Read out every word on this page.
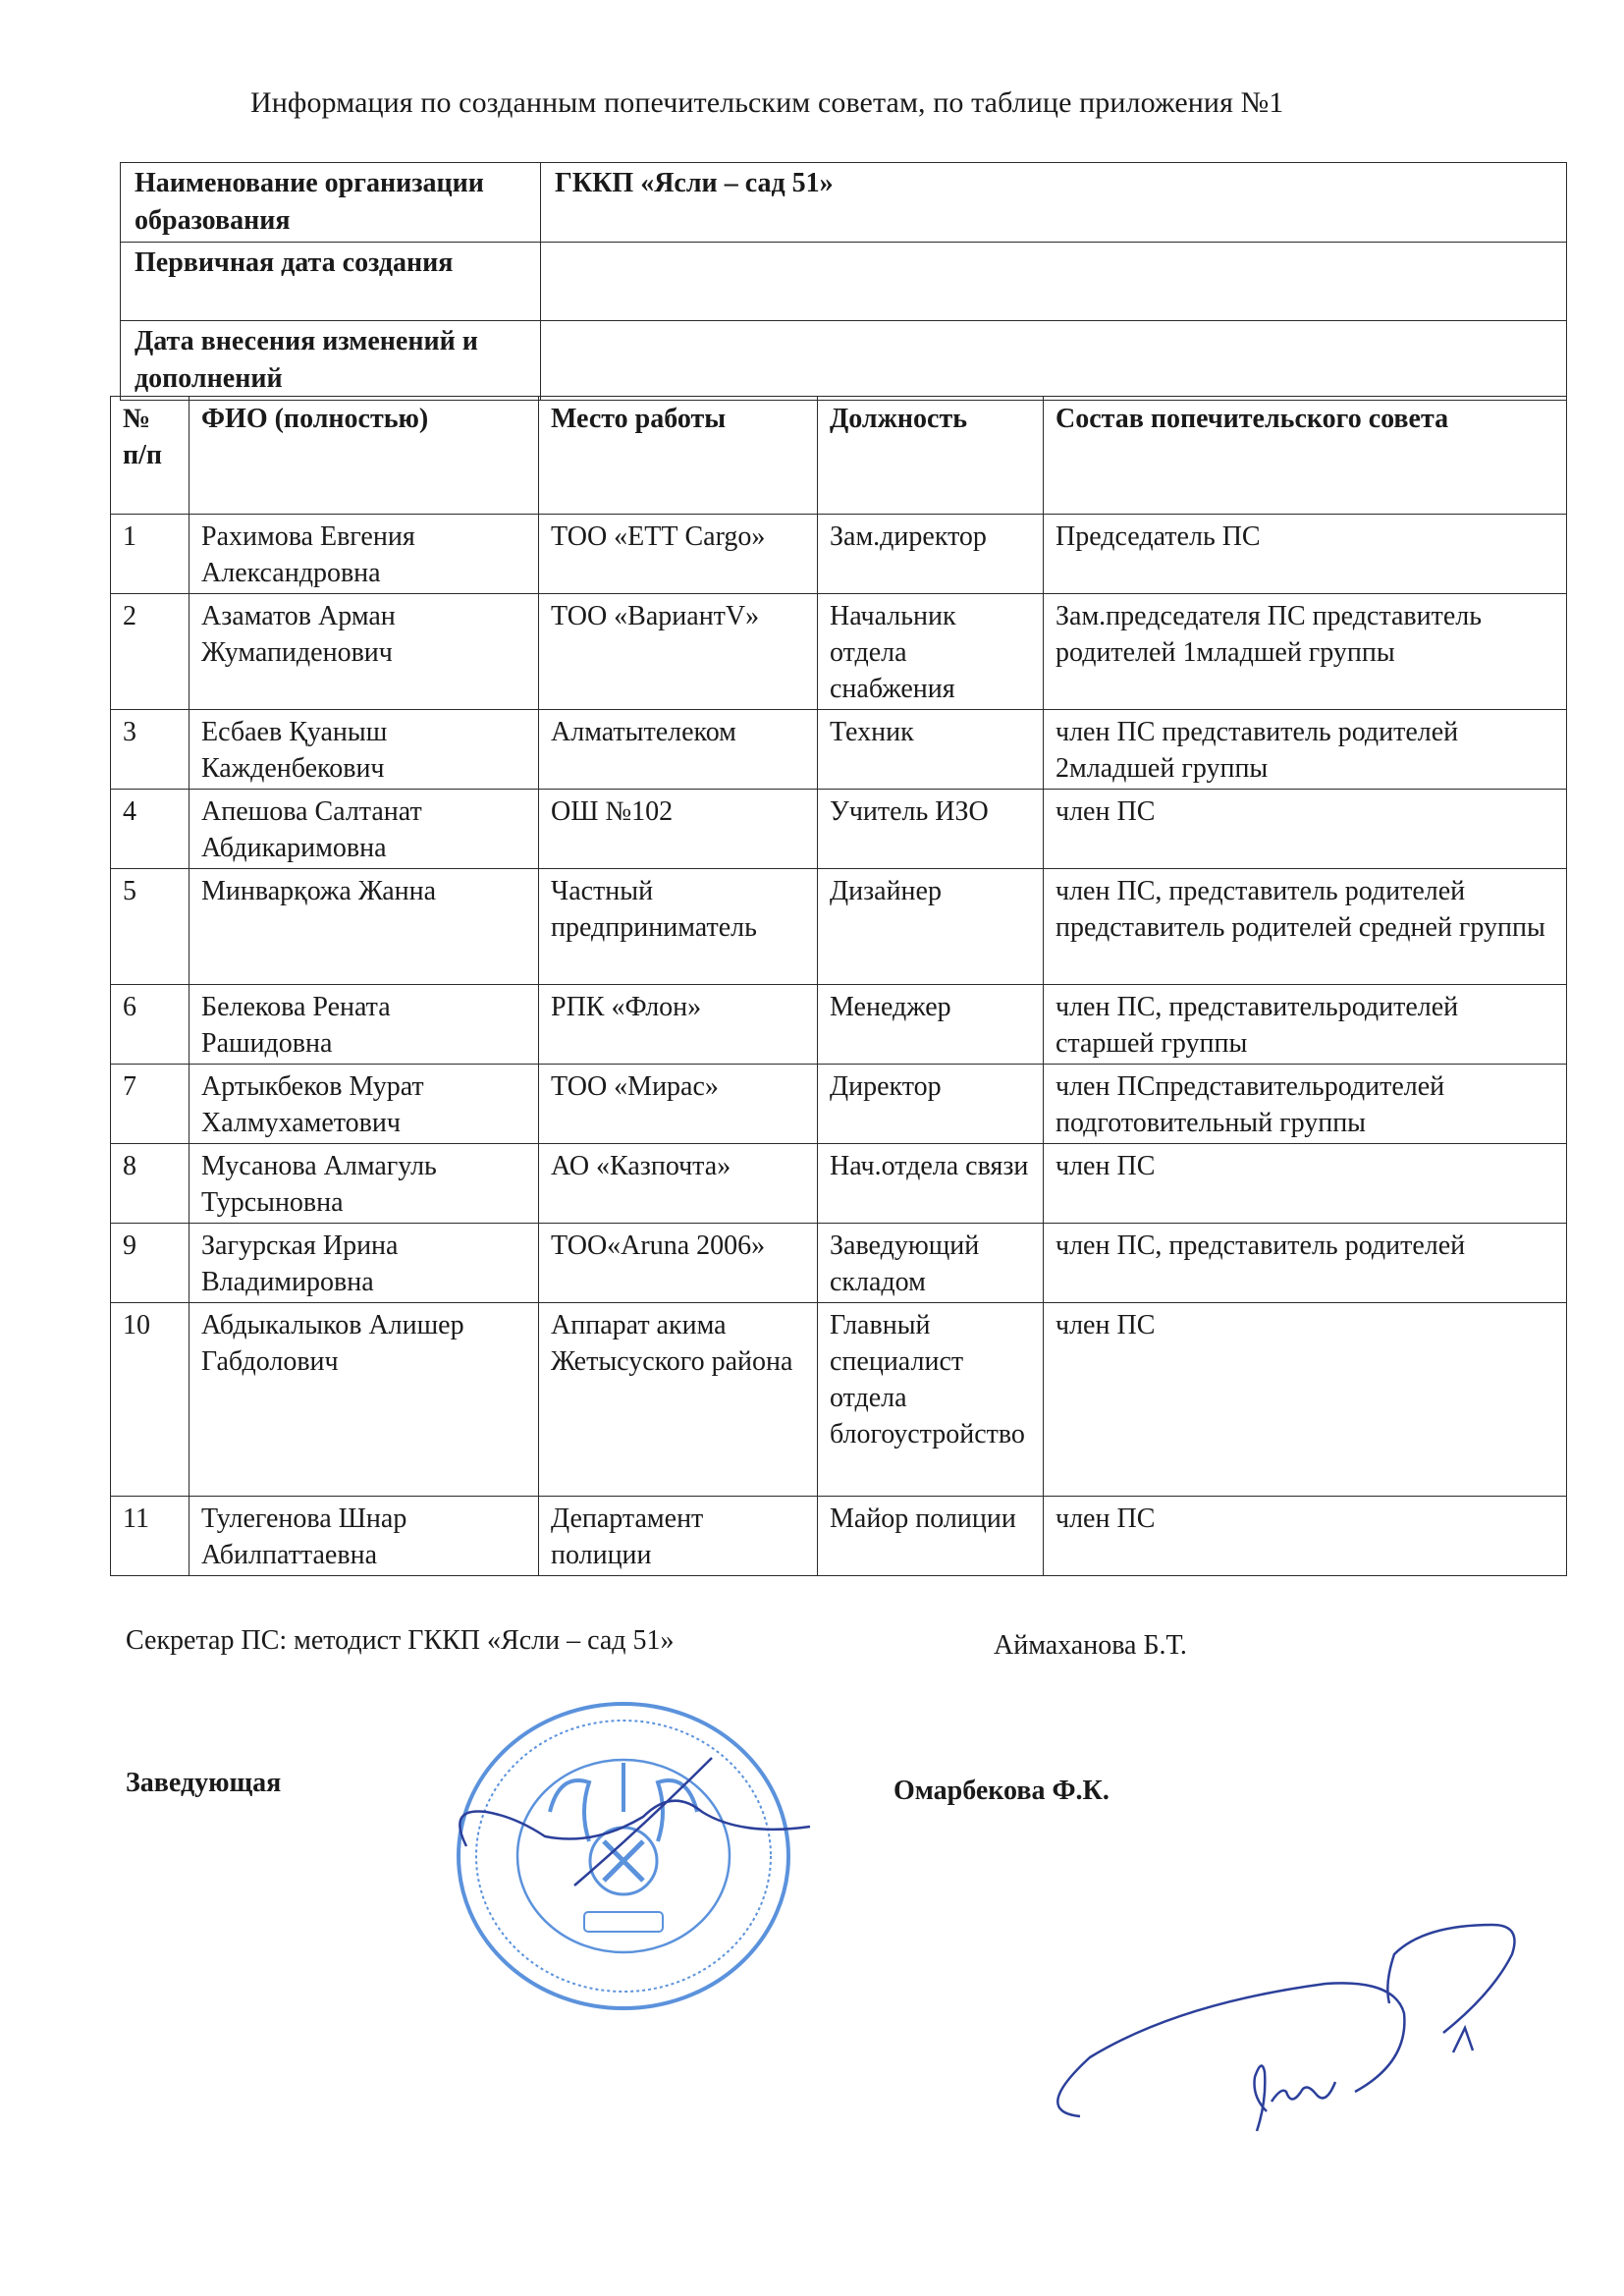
Информация по созданным попечительским советам, по таблице приложения №1
Наименование организации образования	ГККП «Ясли – сад 51»
Первичная дата создания	
Дата внесения изменений и дополнений	
№ п/п	ФИО (полностью)	Место работы	Должность	Состав попечительского совета
1	Рахимова Евгения Александровна	ТОО «ЕТТ Cargo»	Зам.директор	Председатель ПС
2	Азаматов Арман Жумапиденович	ТОО «ВариантV»	Начальник отдела снабжения	Зам.председателя ПС представитель родителей 1младшей группы
3	Есбаев Қуаныш Кажденбекович	Алматытелеком	Техник	член ПС представитель родителей 2младшей группы
4	Апешова Салтанат Абдикаримовна	ОШ №102	Учитель ИЗО	член ПС
5	Минварқожа Жанна	Частный предприниматель	Дизайнер	член ПС, представитель родителей представитель родителей средней группы
6	Белекова Рената Рашидовна	РПК «Флон»	Менеджер	член ПС, представительродителей старшей группы
7	Артыкбеков Мурат Халмухаметович	ТОО «Мирас»	Директор	член ПСпредставительродителей подготовительный группы
8	Мусанова Алмагуль Турсыновна	АО «Казпочта»	Нач.отдела связи	член ПС
9	Загурская Ирина Владимировна	ТОО«Aruna 2006»	Заведующий складом	член ПС, представитель родителей
10	Абдыкалыков Алишер Габдолович	Аппарат акима Жетысуского района	Главный специалист отдела блогоустройство	член ПС
11	Тулегенова Шнар Абилпаттаевна	Департамент полиции	Майор полиции	член ПС
Секретар ПС: методист ГККП «Ясли – сад 51»	Аймаханова Б.Т.
Заведующая	Омарбекова Ф.К.
